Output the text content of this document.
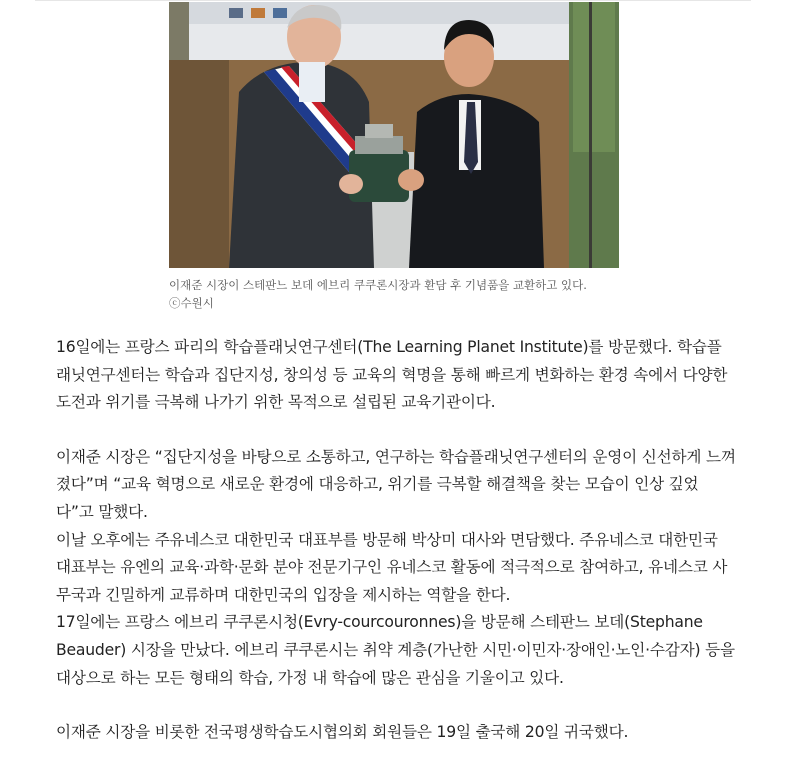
이재준 시장이 스테판느 보데 에브리 쿠쿠론시장과 환담 후 기념품을 교환하고 있다.
ⓒ수원시

16일에는 프랑스 파리의 학습플래닛연구센터(The Learning Planet Institute)를 방문했다. 학습플래닛연구센터는 학습과 집단지성, 창의성 등 교육의 혁명을 통해 빠르게 변화하는 환경 속에서 다양한 도전과 위기를 극복해 나가기 위한 목적으로 설립된 교육기관이다.

이재준 시장은 “집단지성을 바탕으로 소통하고, 연구하는 학습플래닛연구센터의 운영이 신선하게 느껴졌다”며 “교육 혁명으로 새로운 환경에 대응하고, 위기를 극복할 해결책을 찾는 모습이 인상 깊었다”고 말했다.

이날 오후에는 주유네스코 대한민국 대표부를 방문해 박상미 대사와 면담했다. 주유네스코 대한민국 대표부는 유엔의 교육·과학·문화 분야 전문기구인 유네스코 활동에 적극적으로 참여하고, 유네스코 사무국과 긴밀하게 교류하며 대한민국의 입장을 제시하는 역할을 한다.

17일에는 프랑스 에브리 쿠쿠론시청(Evry-courcouronnes)을 방문해 스테판느 보데(Stephane Beauder) 시장을 만났다. 에브리 쿠쿠론시는 취약 계층(가난한 시민·이민자·장애인·노인·수감자) 등을 대상으로 하는 모든 형태의 학습, 가정 내 학습에 많은 관심을 기울이고 있다.

이재준 시장을 비롯한 전국평생학습도시협의회 회원들은 19일 출국해 20일 귀국했다.
